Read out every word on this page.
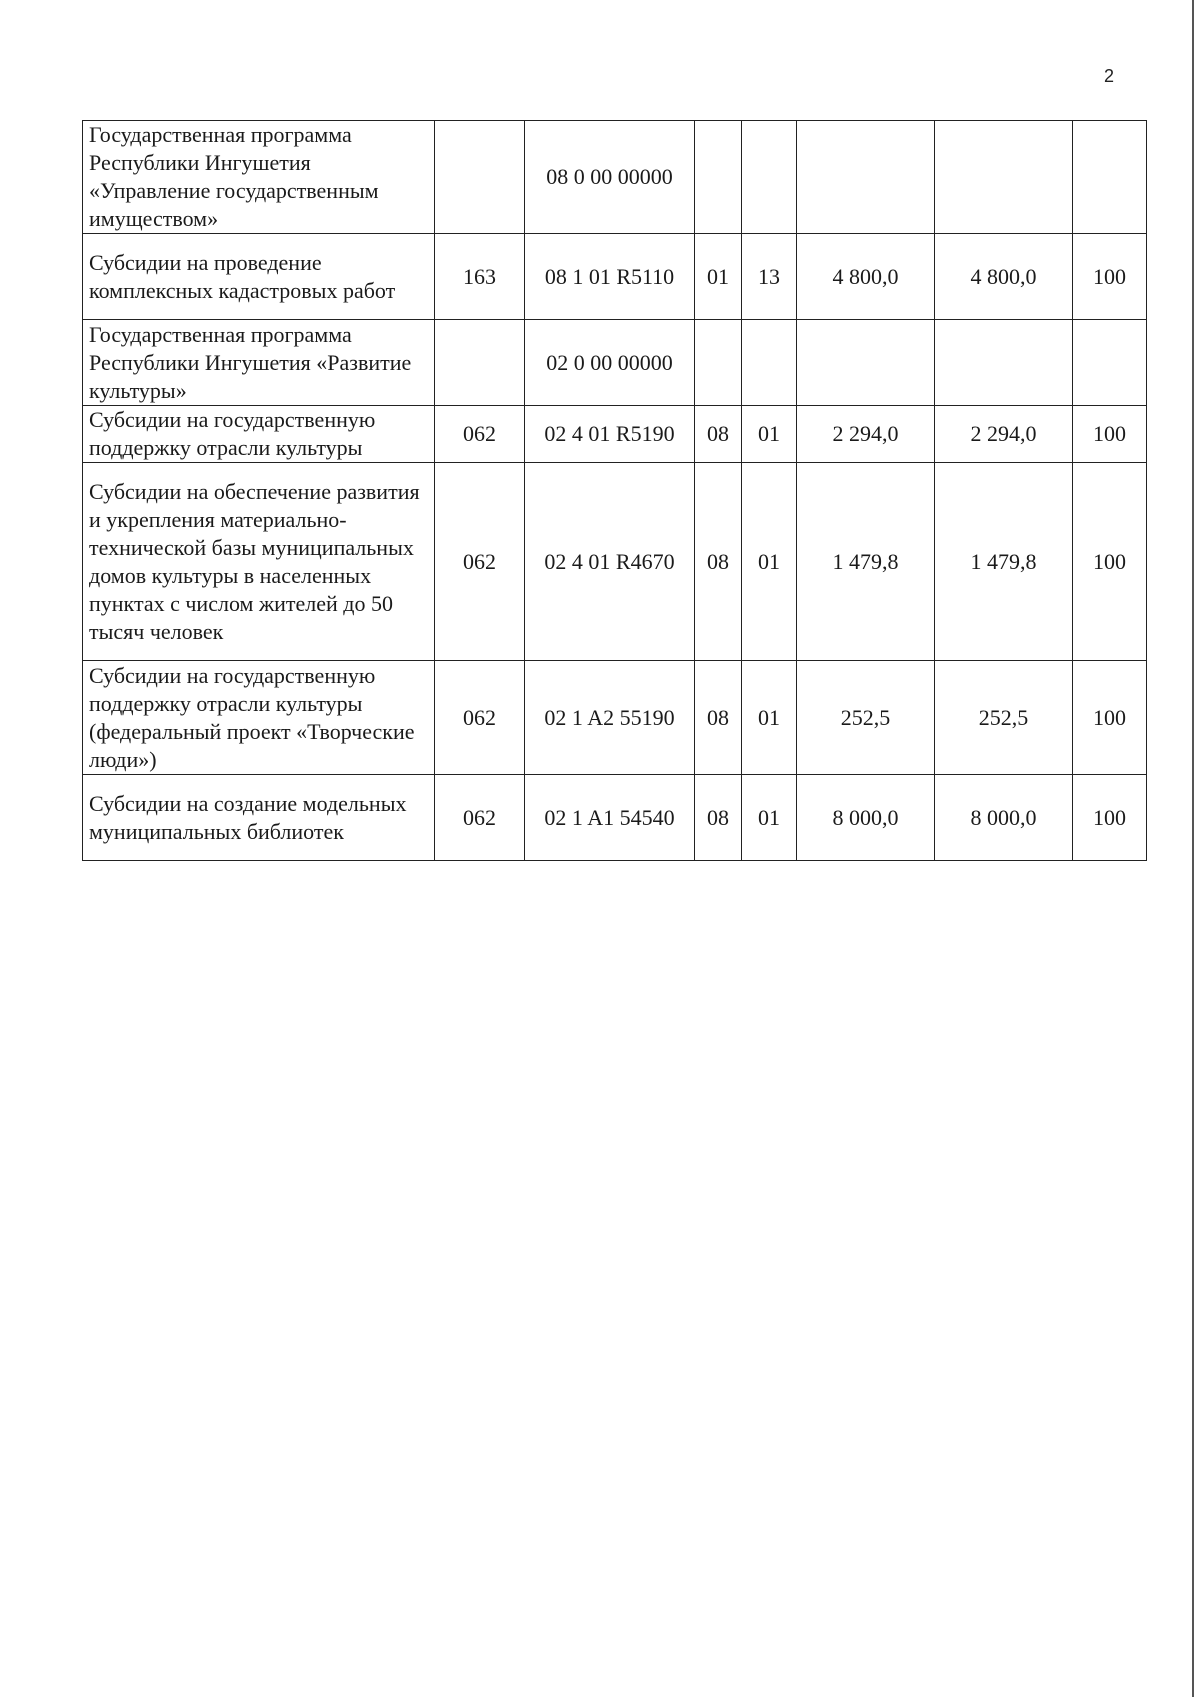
2
Государственная программа Республики Ингушетия «Управление государственным имуществом»		08 0 00 00000					
Субсидии на проведение комплексных кадастровых работ	163	08 1 01 R5110	01	13	4 800,0	4 800,0	100
Государственная программа Республики Ингушетия «Развитие культуры»		02 0 00 00000					
Субсидии на государственную поддержку отрасли культуры	062	02 4 01 R5190	08	01	2 294,0	2 294,0	100
Субсидии на обеспечение развития и укрепления материально-технической базы муниципальных домов культуры в населенных пунктах с числом жителей до 50 тысяч человек	062	02 4 01 R4670	08	01	1 479,8	1 479,8	100
Субсидии на государственную поддержку отрасли культуры (федеральный проект «Творческие люди»)	062	02 1 A2 55190	08	01	252,5	252,5	100
Субсидии на создание модельных муниципальных библиотек	062	02 1 A1 54540	08	01	8 000,0	8 000,0	100
